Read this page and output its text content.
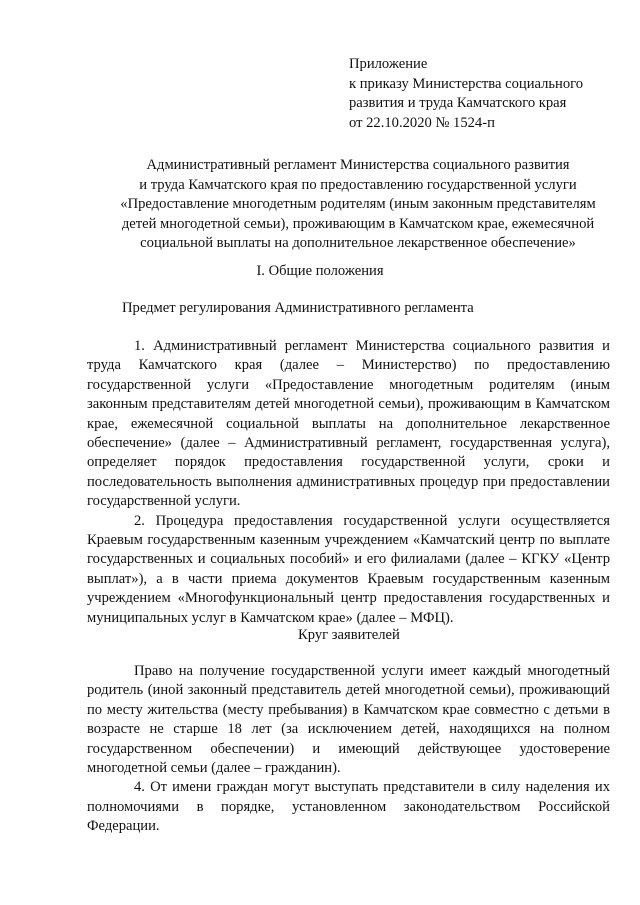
Приложение
к приказу Министерства социального
развития и труда Камчатского края
от 22.10.2020 № 1524-п
Административный регламент Министерства социального развития
и труда Камчатского края по предоставлению государственной услуги
«Предоставление многодетным родителям (иным законным представителям
детей многодетной семьи), проживающим в Камчатском крае, ежемесячной
социальной выплаты на дополнительное лекарственное обеспечение»
I. Общие положения
Предмет регулирования Административного регламента

1. Административный регламент Министерства социального развития и труда Камчатского края (далее – Министерство) по предоставлению государственной услуги «Предоставление многодетным родителям (иным законным представителям детей многодетной семьи), проживающим в Камчатском крае, ежемесячной социальной выплаты на дополнительное лекарственное обеспечение» (далее – Административный регламент, государственная услуга), определяет порядок предоставления государственной услуги, сроки и последовательность выполнения административных процедур при предоставлении государственной услуги.

2. Процедура предоставления государственной услуги осуществляется Краевым государственным казенным учреждением «Камчатский центр по выплате государственных и социальных пособий» и его филиалами (далее – КГКУ «Центр выплат»), а в части приема документов Краевым государственным казенным учреждением «Многофункциональный центр предоставления государственных и муниципальных услуг в Камчатском крае» (далее – МФЦ).

Круг заявителей

Право на получение государственной услуги имеет каждый многодетный родитель (иной законный представитель детей многодетной семьи), проживающий по месту жительства (месту пребывания) в Камчатском крае совместно с детьми в возрасте не старше 18 лет (за исключением детей, находящихся на полном государственном обеспечении) и имеющий действующее удостоверение многодетной семьи (далее – гражданин).

4. От имени граждан могут выступать представители в силу наделения их полномочиями в порядке, установленном законодательством Российской Федерации.
